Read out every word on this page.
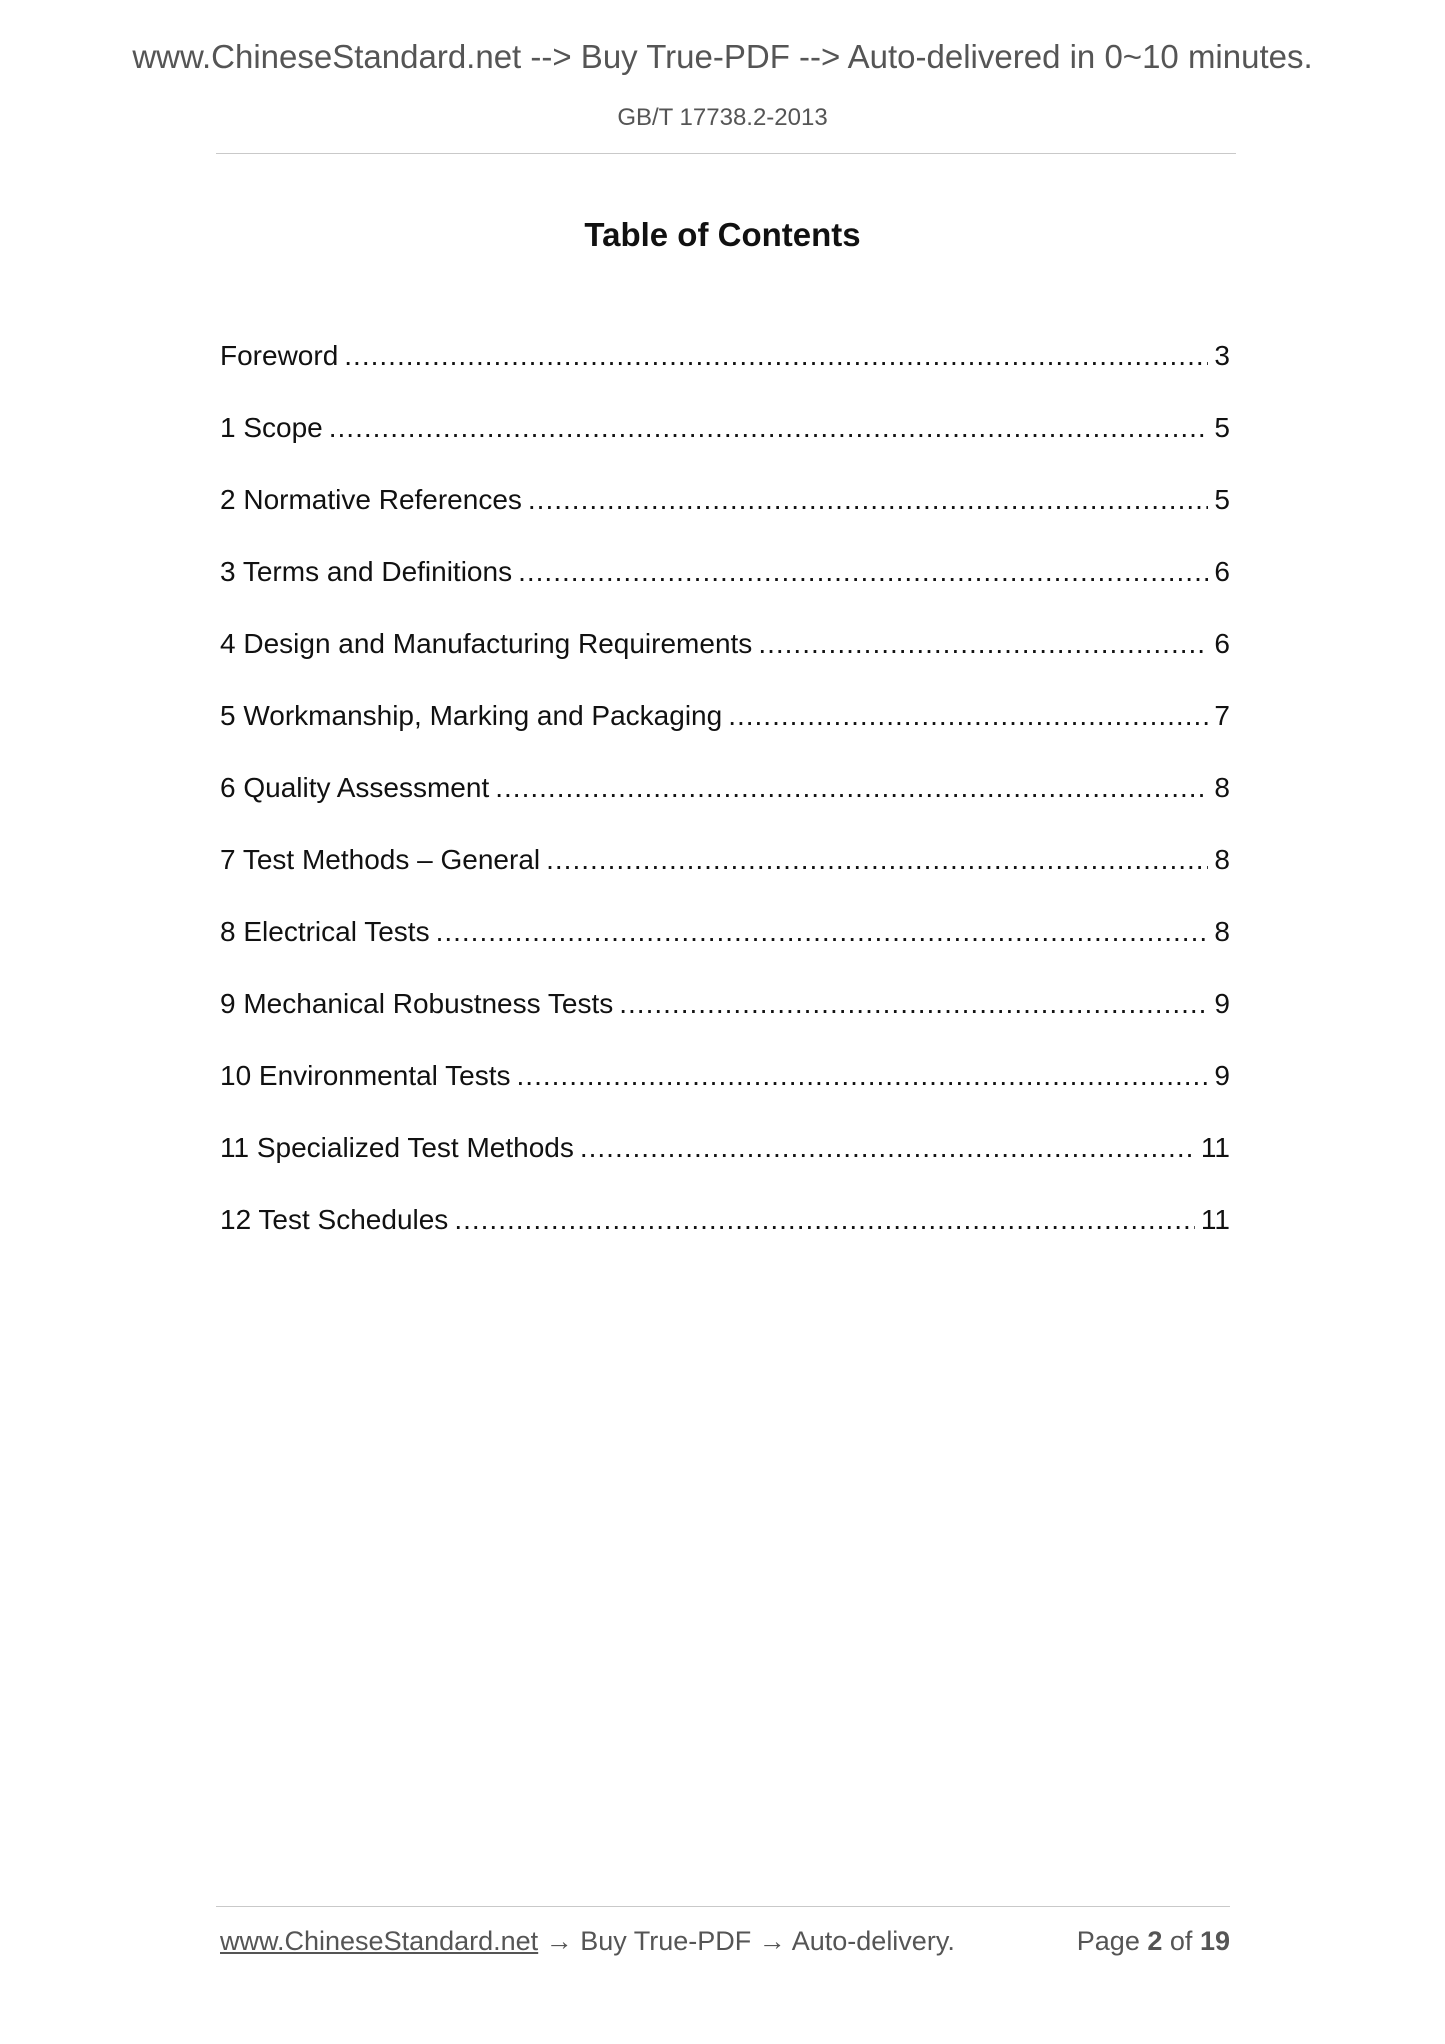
www.ChineseStandard.net --> Buy True-PDF --> Auto-delivered in 0~10 minutes.
GB/T 17738.2-2013
Table of Contents
Foreword .....	3
1 Scope .....	5
2 Normative References .....	5
3 Terms and Definitions .....	6
4 Design and Manufacturing Requirements .....	6
5 Workmanship, Marking and Packaging .....	7
6 Quality Assessment .....	8
7 Test Methods – General .....	8
8 Electrical Tests .....	8
9 Mechanical Robustness Tests .....	9
10 Environmental Tests .....	9
11 Specialized Test Methods .....	11
12 Test Schedules .....	11
www.ChineseStandard.net → Buy True-PDF → Auto-delivery.	Page 2 of 19
